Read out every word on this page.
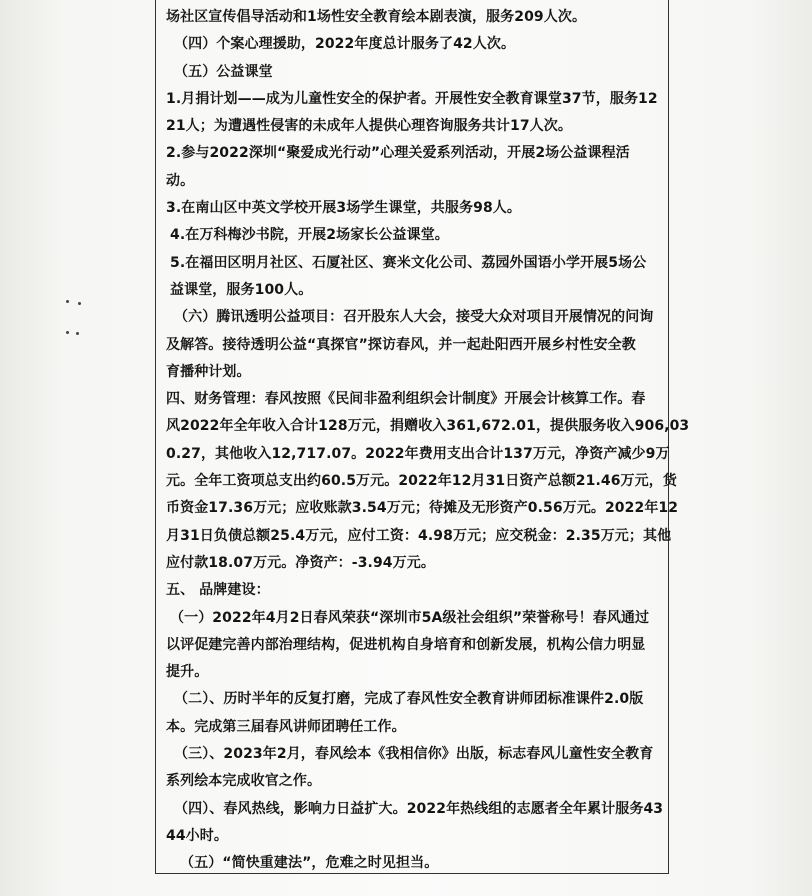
场社区宣传倡导活动和1场性安全教育绘本剧表演，服务209人次。
（四）个案心理援助，2022年度总计服务了42人次。
（五）公益课堂
1.月捐计划——成为儿童性安全的保护者。开展性安全教育课堂37节，服务12
21人；为遭遇性侵害的未成年人提供心理咨询服务共计17人次。
2.参与2022深圳“聚爱成光行动”心理关爱系列活动，开展2场公益课程活
动。
3.在南山区中英文学校开展3场学生课堂，共服务98人。
4.在万科梅沙书院，开展2场家长公益课堂。
5.在福田区明月社区、石厦社区、赛米文化公司、荔园外国语小学开展5场公
益课堂，服务100人。
（六）腾讯透明公益项目：召开股东人大会，接受大众对项目开展情况的问询
及解答。接待透明公益“真探官”探访春风，并一起赴阳西开展乡村性安全教
育播种计划。
四、财务管理：春风按照《民间非盈利组织会计制度》开展会计核算工作。春
风2022年全年收入合计128万元，捐赠收入361,672.01，提供服务收入906,03
0.27，其他收入12,717.07。2022年费用支出合计137万元，净资产减少9万
元。全年工资项总支出约60.5万元。2022年12月31日资产总额21.46万元，货
币资金17.36万元；应收账款3.54万元；待摊及无形资产0.56万元。2022年12
月31日负债总额25.4万元，应付工资：4.98万元；应交税金：2.35万元；其他
应付款18.07万元。净资产：-3.94万元。
五、 品牌建设：
（一）2022年4月2日春风荣获“深圳市5A级社会组织”荣誉称号！春风通过
以评促建完善内部治理结构，促进机构自身培育和创新发展，机构公信力明显
提升。
（二）、历时半年的反复打磨，完成了春风性安全教育讲师团标准课件2.0版
本。完成第三届春风讲师团聘任工作。
（三）、2023年2月，春风绘本《我相信你》出版，标志春风儿童性安全教育
系列绘本完成收官之作。
（四）、春风热线，影响力日益扩大。2022年热线组的志愿者全年累计服务43
44小时。
（五）“简快重建法”，危难之时见担当。
